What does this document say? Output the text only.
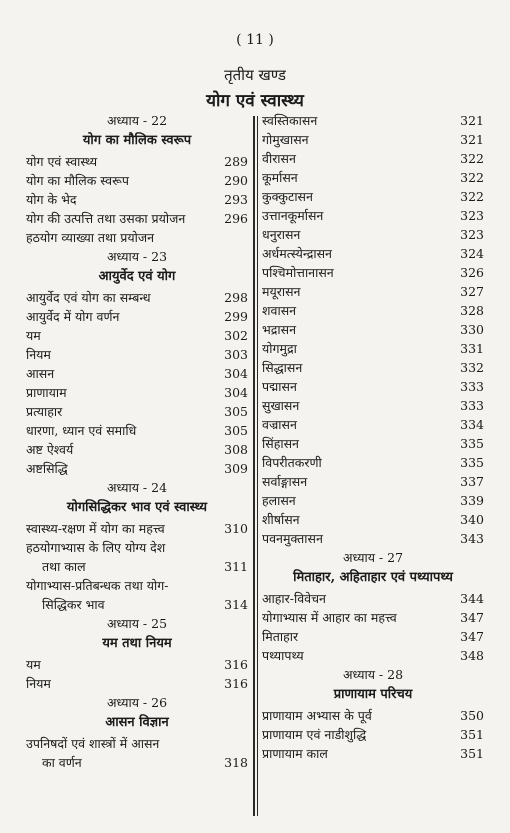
( 11 )
तृतीय खण्ड
योग एवं स्वास्थ्य
अध्याय - 22
योग का मौलिक स्वरूप
योग एवं स्वास्थ्य	289
योग का मौलिक स्वरूप	290
योग के भेद	293
योग की उत्पत्ति तथा उसका प्रयोजन	296
हठयोग व्याख्या तथा प्रयोजन
अध्याय - 23
आयुर्वेद एवं योग
आयुर्वेद एवं योग का सम्बन्ध	298
आयुर्वेद में योग वर्णन	299
यम	302
नियम	303
आसन	304
प्राणायाम	304
प्रत्याहार	305
धारणा, ध्यान एवं समाधि	305
अष्ट ऐश्वर्य	308
अष्टसिद्धि	309
अध्याय - 24
योगसिद्धिकर भाव एवं स्वास्थ्य
स्वास्थ्य-रक्षण में योग का महत्त्व	310
हठयोगाभ्यास के लिए योग्य देश
तथा काल	311
योगाभ्यास-प्रतिबन्धक तथा योग-
सिद्धिकर भाव	314
अध्याय - 25
यम तथा नियम
यम	316
नियम	316
अध्याय - 26
आसन विज्ञान
उपनिषदों एवं शास्त्रों में आसन
का वर्णन	318
स्वस्तिकासन	321
गोमुखासन	321
वीरासन	322
कूर्मासन	322
कुक्कुटासन	322
उत्तानकूर्मासन	323
धनुरासन	323
अर्धमत्स्येन्द्रासन	324
पश्चिमोत्तानासन	326
मयूरासन	327
शवासन	328
भद्रासन	330
योगमुद्रा	331
सिद्धासन	332
पद्मासन	333
सुखासन	333
वज्रासन	334
सिंहासन	335
विपरीतकरणी	335
सर्वाङ्गासन	337
हलासन	339
शीर्षासन	340
पवनमुक्तासन	343
अध्याय - 27
मिताहार, अहिताहार एवं पथ्यापथ्य
आहार-विवेचन	344
योगाभ्यास में आहार का महत्त्व	347
मिताहार	347
पथ्यापथ्य	348
अध्याय - 28
प्राणायाम परिचय
प्राणायाम अभ्यास के पूर्व	350
प्राणायाम एवं नाडीशुद्धि	351
प्राणायाम काल	351
